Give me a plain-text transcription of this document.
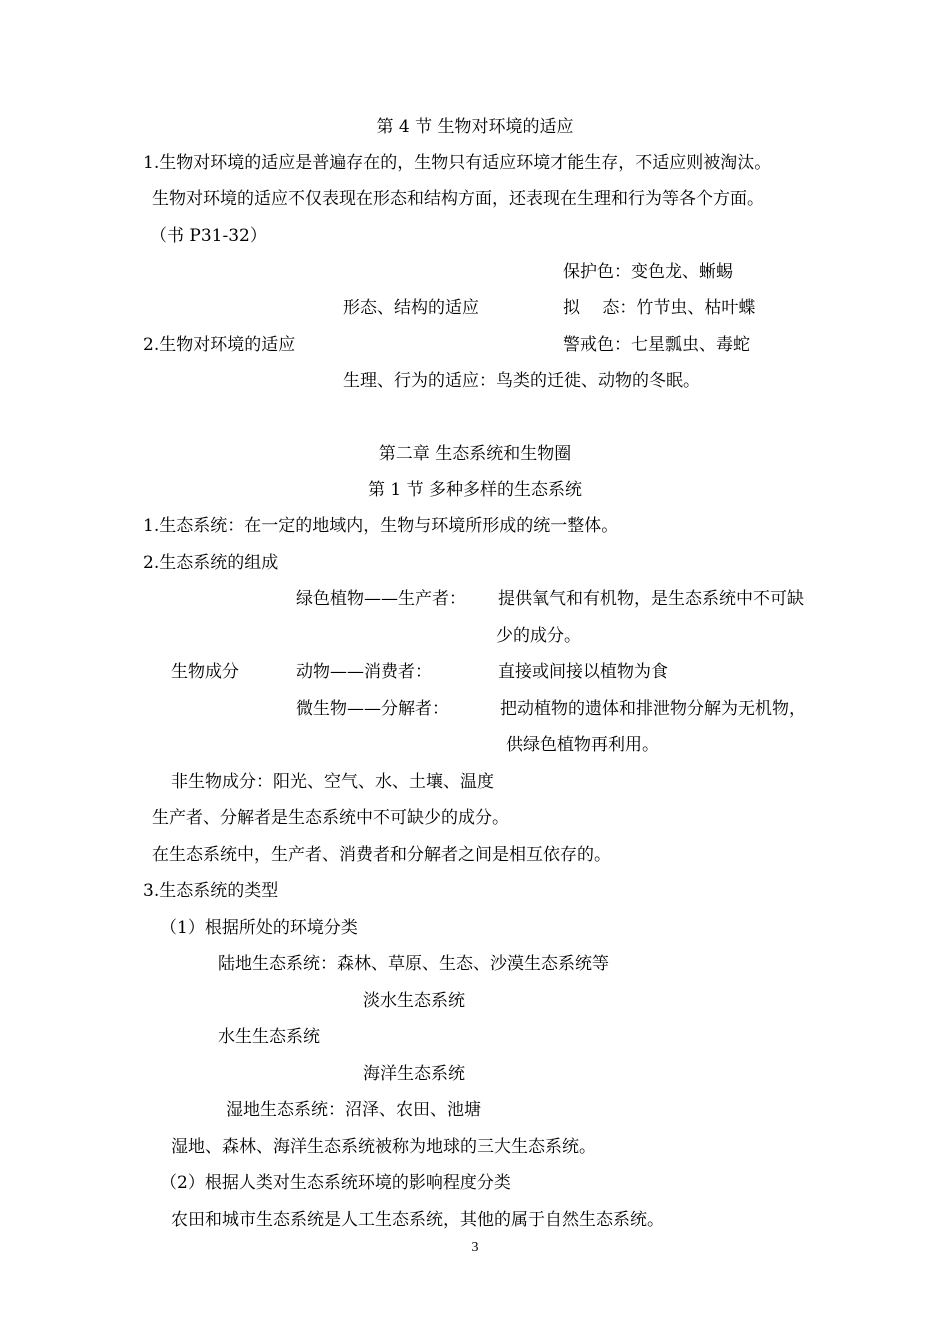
第 4 节 生物对环境的适应
1.生物对环境的适应是普遍存在的，生物只有适应环境才能生存，不适应则被淘汰。
生物对环境的适应不仅表现在形态和结构方面，还表现在生理和行为等各个方面。
（书 P31-32）
保护色：变色龙、蜥蜴
形态、结构的适应	拟　 态：竹节虫、枯叶蝶
2.生物对环境的适应	警戒色：七星瓢虫、毒蛇
生理、行为的适应：鸟类的迁徙、动物的冬眠。
第二章 生态系统和生物圈
第 1 节 多种多样的生态系统
1.生态系统：在一定的地域内，生物与环境所形成的统一整体。
2.生态系统的组成
绿色植物——生产者： 提供氧气和有机物，是生态系统中不可缺
少的成分。
生物成分	动物——消费者：	直接或间接以植物为食
微生物——分解者：	把动植物的遗体和排泄物分解为无机物，
供绿色植物再利用。
非生物成分：阳光、空气、水、土壤、温度
生产者、分解者是生态系统中不可缺少的成分。
在生态系统中，生产者、消费者和分解者之间是相互依存的。
3.生态系统的类型
（1）根据所处的环境分类
陆地生态系统：森林、草原、生态、沙漠生态系统等
淡水生态系统
水生生态系统
海洋生态系统
湿地生态系统：沼泽、农田、池塘
湿地、森林、海洋生态系统被称为地球的三大生态系统。
（2）根据人类对生态系统环境的影响程度分类
农田和城市生态系统是人工生态系统，其他的属于自然生态系统。
3
